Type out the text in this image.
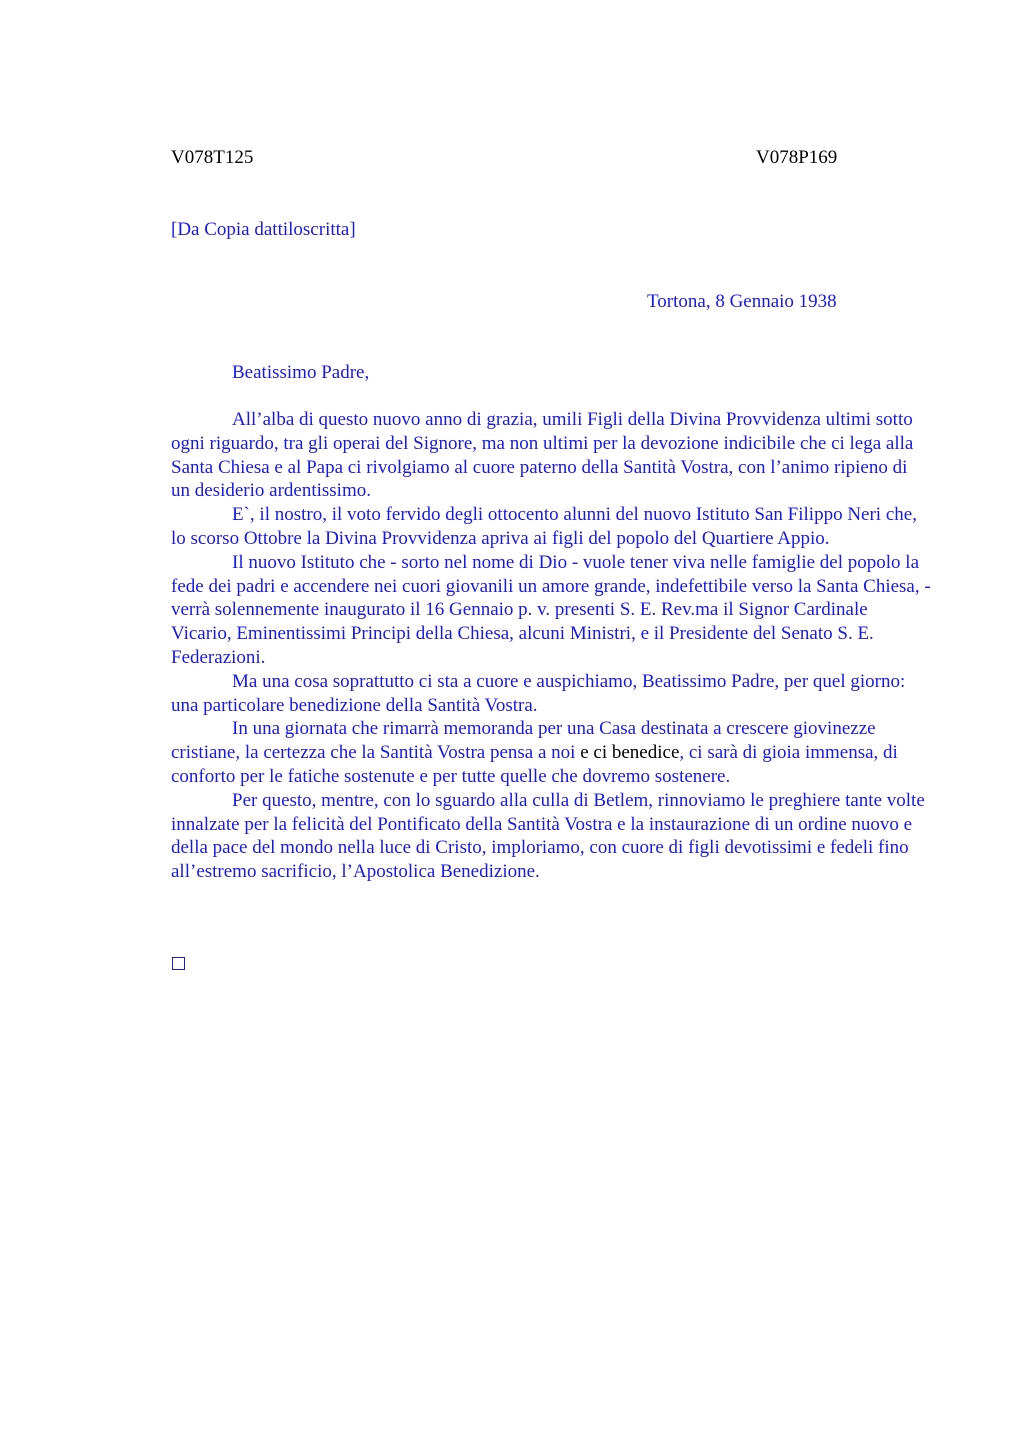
V078T125	V078P169
[Da Copia dattiloscritta]
Tortona, 8 Gennaio 1938
Beatissimo Padre,

All’alba di questo nuovo anno di grazia, umili Figli della Divina Provvidenza ultimi sotto ogni riguardo, tra gli operai del Signore, ma non ultimi per la devozione indicibile che ci lega alla Santa Chiesa e al Papa ci rivolgiamo al cuore paterno della Santità Vostra, con l’animo ripieno di un desiderio ardentissimo.

E`, il nostro, il voto fervido degli ottocento alunni del nuovo Istituto San Filippo Neri che, lo scorso Ottobre la Divina Provvidenza apriva ai figli del popolo del Quartiere Appio.

Il nuovo Istituto che - sorto nel nome di Dio - vuole tener viva nelle famiglie del popolo la fede dei padri e accendere nei cuori giovanili un amore grande, indefettibile verso la Santa Chiesa, - verrà solennemente inaugurato il 16 Gennaio p. v. presenti S. E. Rev.ma il Signor Cardinale Vicario, Eminentissimi Principi della Chiesa, alcuni Ministri, e il Presidente del Senato S. E. Federazioni.

Ma una cosa soprattutto ci sta a cuore e auspichiamo, Beatissimo Padre, per quel giorno: una particolare benedizione della Santità Vostra.

In una giornata che rimarrà memoranda per una Casa destinata a crescere giovinezze cristiane, la certezza che la Santità Vostra pensa a noi e ci benedice, ci sarà di gioia immensa, di conforto per le fatiche sostenute e per tutte quelle che dovremo sostenere.

Per questo, mentre, con lo sguardo alla culla di Betlem, rinnoviamo le preghiere tante volte innalzate per la felicità del Pontificato della Santità Vostra e la instaurazione di un ordine nuovo e della pace del mondo nella luce di Cristo, imploriamo, con cuore di figli devotissimi e fedeli fino all’estremo sacrificio, l’Apostolica Benedizione.
